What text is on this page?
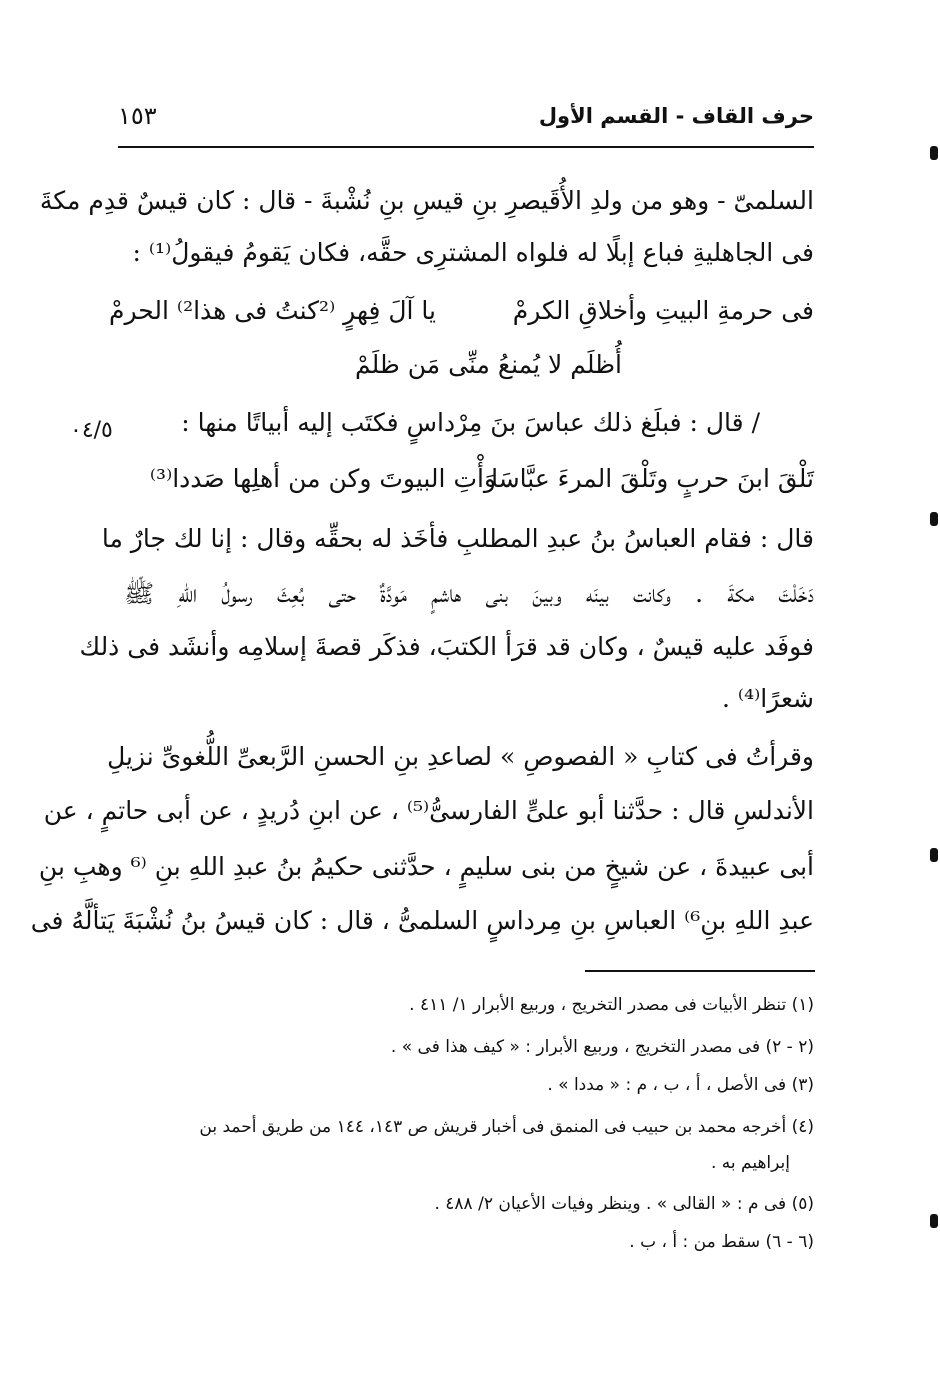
حرف القاف - القسم الأول
١٥٣
السلمىّ - وهو من ولدِ الأُقَيصرِ بنِ قيسِ بنِ نُشْبةَ - قال : كان قيسٌ قدِم مكةَ
فى الجاهليةِ فباع إبلًا له فلواه المشترِى حقَّه، فكان يَقومُ فيقولُ⁽¹⁾ :
يا آلَ فِهرٍ ⁽²كنتُ فى هذا²⁾ الحرمْ	فى حرمةِ البيتِ وأخلاقِ الكرمْ
أُظلَم لا يُمنعُ منِّى مَن ظلَمْ
/ قال : فبلَغ ذلك عباسَ بنَ مِرْداسٍ فكتَب إليه أبياتًا منها :
٠٤/٥
وَأْتِ البيوتَ وكن من أهلِها صَددا⁽³⁾
تَلْقَ ابنَ حربٍ وتَلْقَ المرءَ عبَّاسَا
قال : فقام العباسُ بنُ عبدِ المطلبِ فأخَذ له بحقِّه وقال : إنا لك جارٌ ما
دَخَلْتَ مكةَ . وكانت بينَه وبينَ بنى هاشمٍ مَودَّةٌ حتى بُعِثَ رسولُ اللهِ ﷺ
فوفَد عليه قيسٌ ، وكان قد قرَأ الكتبَ، فذكَر قصةَ إسلامِه وأنشَد فى ذلك
شعرًا⁽⁴⁾ .
وقرأتُ فى كتابِ « الفصوصِ » لصاعدِ بنِ الحسنِ الرَّبعىِّ اللُّغوىِّ نزيلِ
الأندلسِ قال : حدَّثنا أبو علىٍّ الفارسىُّ⁽⁵⁾ ، عن ابنِ دُريدٍ ، عن أبى حاتمٍ ، عن
أبى عبيدةَ ، عن شيخٍ من بنى سليمٍ ، حدَّثنى حكيمُ بنُ عبدِ اللهِ بنِ ⁽⁶ وهبِ بنِ
عبدِ اللهِ بنِ⁶⁾ العباسِ بنِ مِرداسٍ السلمىُّ ، قال : كان قيسُ بنُ نُشْبَةَ يَتألَّهُ فى
(١) تنظر الأبيات فى مصدر التخريج ، وربيع الأبرار ١/ ٤١١ .
(٢ - ٢) فى مصدر التخريج ، وربيع الأبرار : « كيف هذا فى » .
(٣) فى الأصل ، أ ، ب ، م : « مددا » .
(٤) أخرجه محمد بن حبيب فى المنمق فى أخبار قريش ص ١٤٣، ١٤٤ من طريق أحمد بن
إبراهيم به .
(٥) فى م : « القالى » . وينظر وفيات الأعيان ٢/ ٤٨٨ .
(٦ - ٦) سقط من : أ ، ب .
